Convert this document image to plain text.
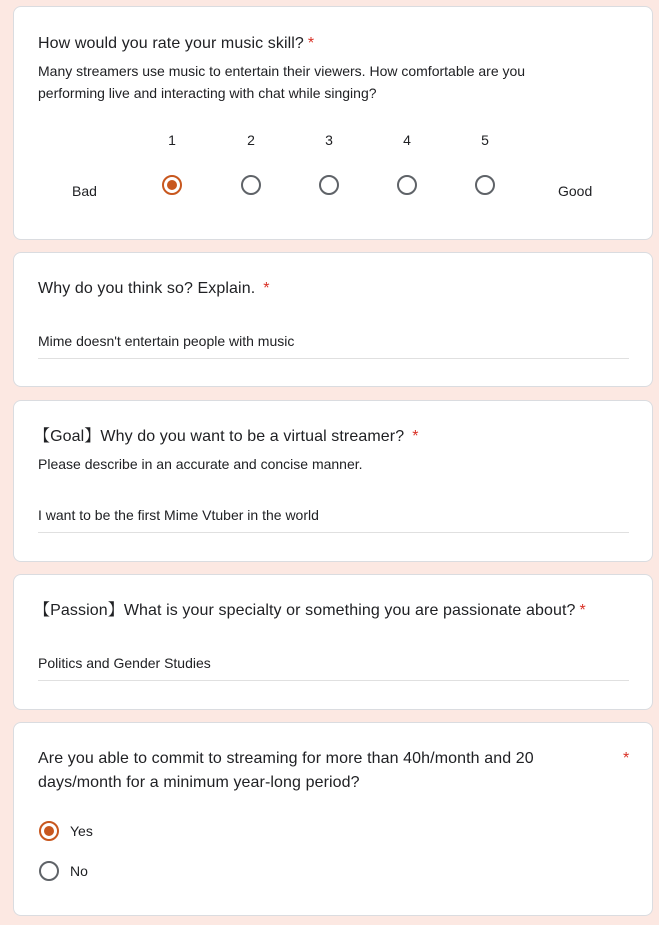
How would you rate your music skill? *
Many streamers use music to entertain their viewers. How comfortable are you
performing live and interacting with chat while singing?
1	2	3	4	5
Bad	Good
Why do you think so? Explain. *
Mime doesn't entertain people with music
【Goal】Why do you want to be a virtual streamer? *
Please describe in an accurate and concise manner.
I want to be the first Mime Vtuber in the world
【Passion】What is your specialty or something you are passionate about? *
Politics and Gender Studies
Are you able to commit to streaming for more than 40h/month and 20
days/month for a minimum year-long period?
*
Yes
No
